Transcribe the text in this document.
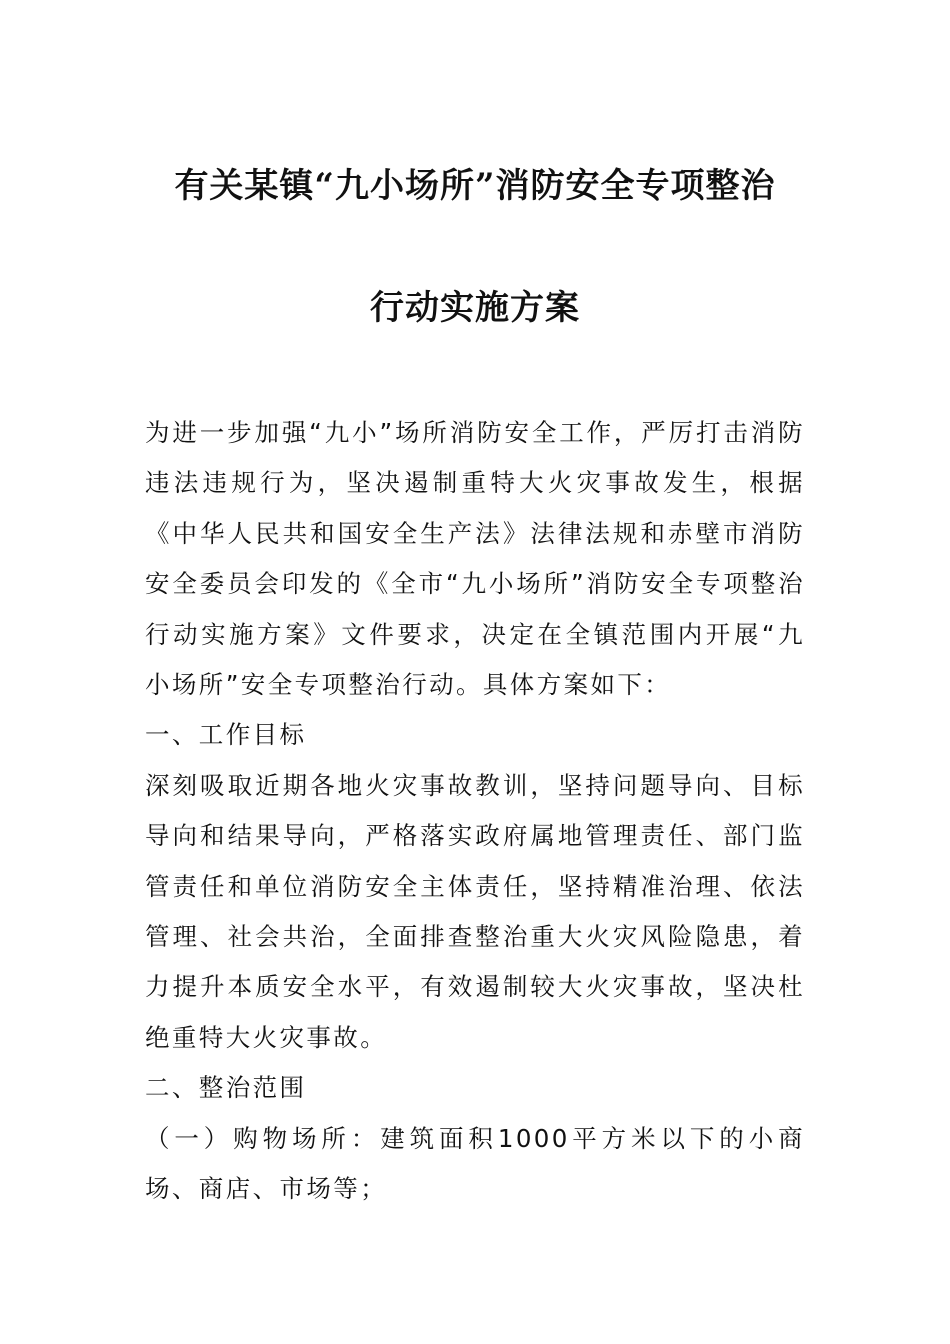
有关某镇“九小场所”消防安全专项整治
行动实施方案

为进一步加强“九小”场所消防安全工作，严厉打击消防违法违规行为，坚决遏制重特大火灾事故发生，根据《中华人民共和国安全生产法》法律法规和赤壁市消防安全委员会印发的《全市“九小场所”消防安全专项整治行动实施方案》文件要求，决定在全镇范围内开展“九小场所”安全专项整治行动。具体方案如下：

一、工作目标

深刻吸取近期各地火灾事故教训，坚持问题导向、目标导向和结果导向，严格落实政府属地管理责任、部门监管责任和单位消防安全主体责任，坚持精准治理、依法管理、社会共治，全面排查整治重大火灾风险隐患，着力提升本质安全水平，有效遏制较大火灾事故，坚决杜绝重特大火灾事故。

二、整治范围

（一）购物场所：建筑面积1000平方米以下的小商场、商店、市场等；
